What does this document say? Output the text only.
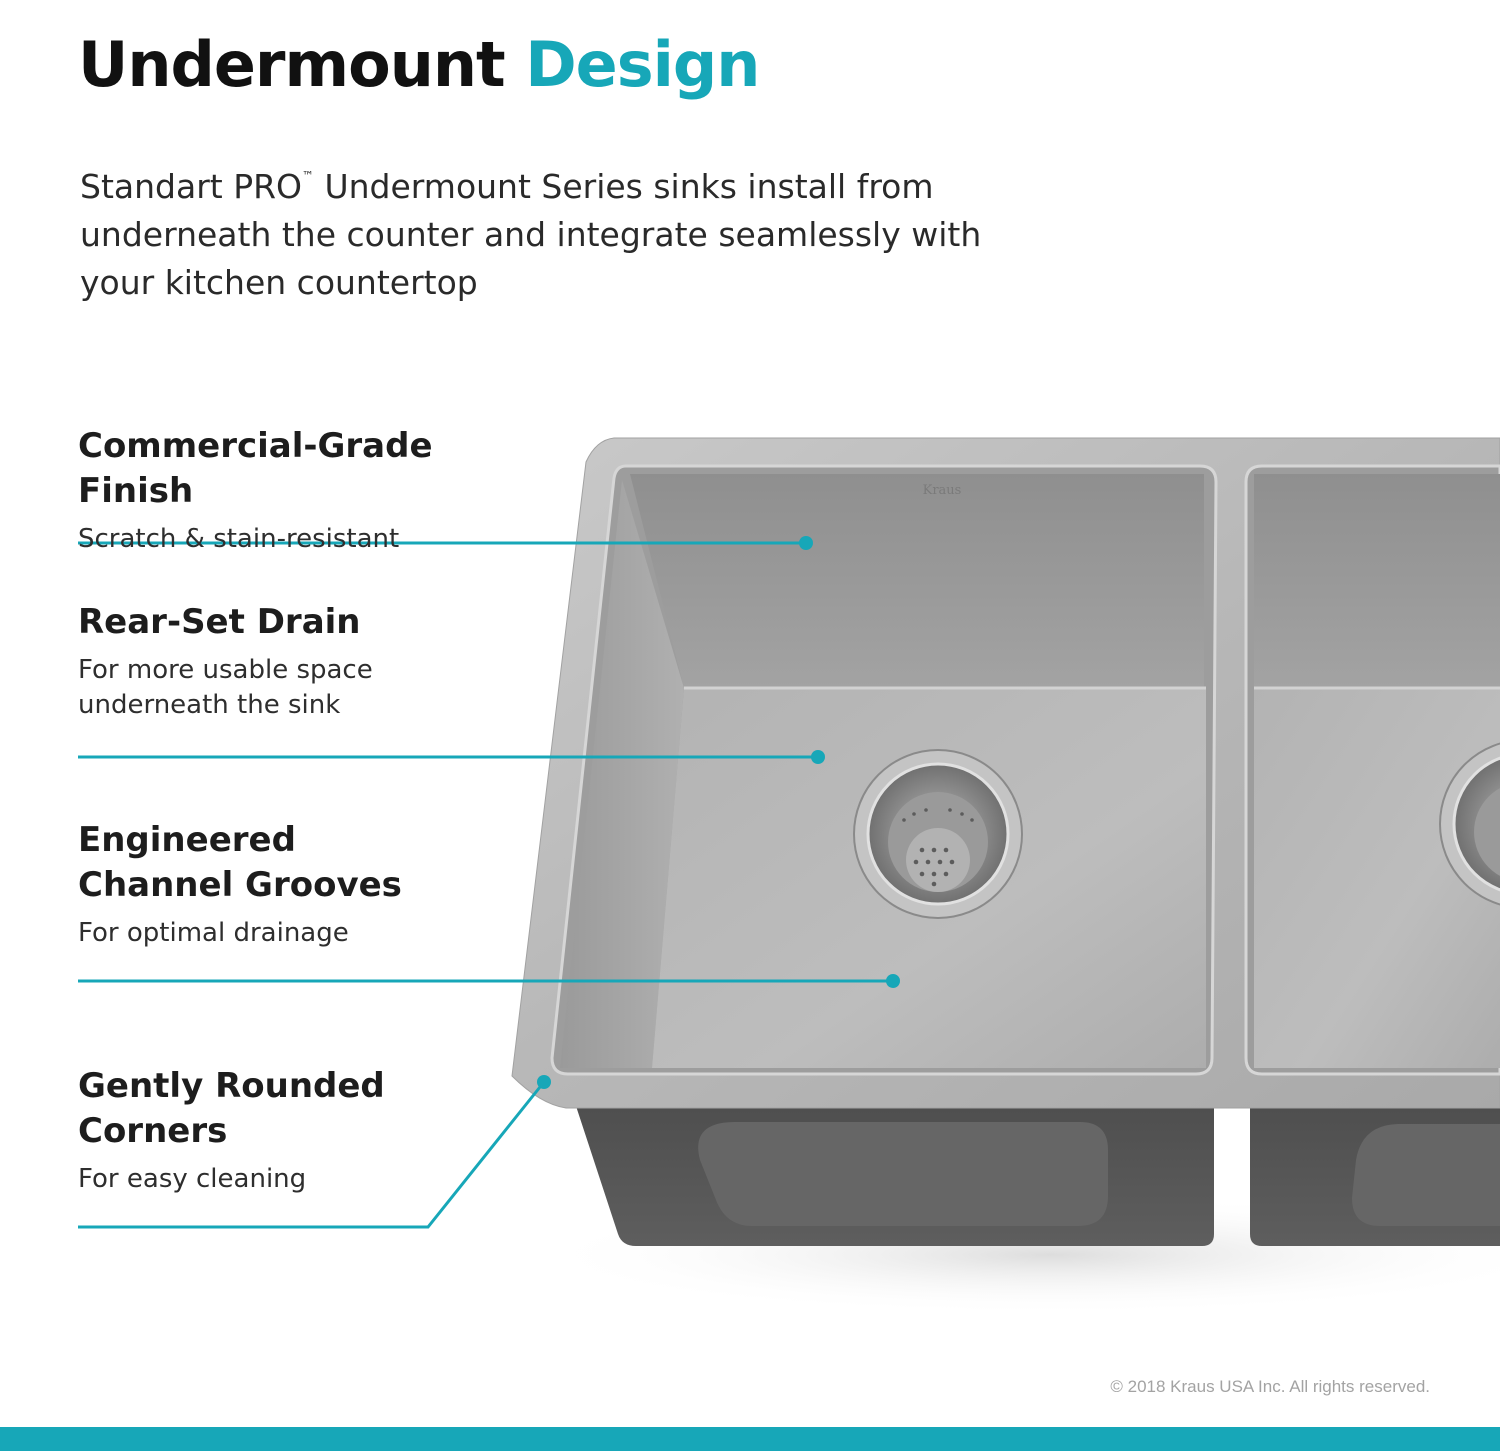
Kraus
Undermount Design

Standart PRO™ Undermount Series sinks install from underneath the counter and integrate seamlessly with your kitchen countertop

Commercial-Grade Finish

Scratch & stain-resistant

Rear-Set Drain

For more usable space underneath the sink

Engineered Channel Grooves

For optimal drainage

Gently Rounded Corners

For easy cleaning

© 2018 Kraus USA Inc. All rights reserved.
